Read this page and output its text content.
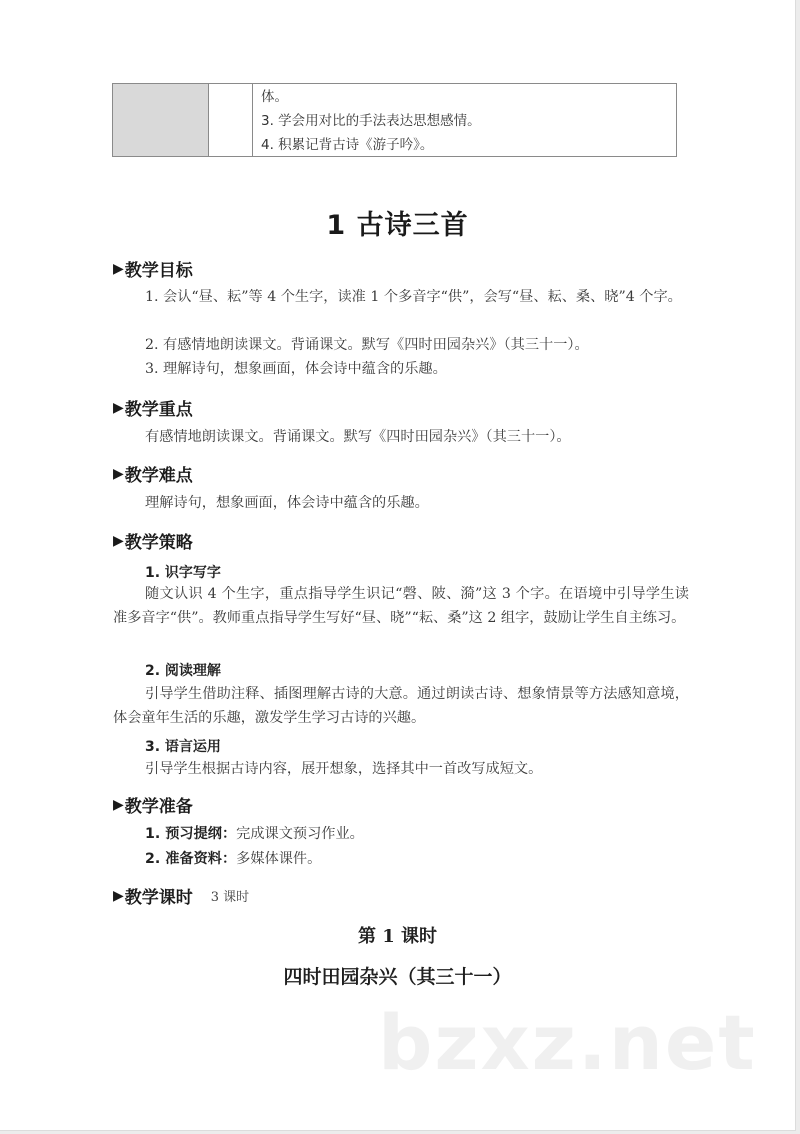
体。
3. 学会用对比的手法表达思想感情。
4. 积累记背古诗《游子吟》。
1 古诗三首
▶ 教学目标
1. 会认“昼、耘”等 4 个生字，读准 1 个多音字“供”，会写“昼、耘、桑、晓”4 个字。
2. 有感情地朗读课文。背诵课文。默写《四时田园杂兴》（其三十一）。
3. 理解诗句，想象画面，体会诗中蕴含的乐趣。
▶ 教学重点
有感情地朗读课文。背诵课文。默写《四时田园杂兴》（其三十一）。
▶ 教学难点
理解诗句，想象画面，体会诗中蕴含的乐趣。
▶ 教学策略
1. 识字写字
随文认识 4 个生字，重点指导学生识记“磬、陂、漪”这 3 个字。在语境中引导学生读准多音字“供”。教师重点指导学生写好“昼、晓”“耘、桑”这 2 组字，鼓励让学生自主练习。
2. 阅读理解
引导学生借助注释、插图理解古诗的大意。通过朗读古诗、想象情景等方法感知意境，体会童年生活的乐趣，激发学生学习古诗的兴趣。
3. 语言运用
引导学生根据古诗内容，展开想象，选择其中一首改写成短文。
▶ 教学准备
1. 预习提纲：完成课文预习作业。
2. 准备资料：多媒体课件。
▶ 教学课时 3 课时
第 1 课时
四时田园杂兴（其三十一）
bzxz.net
